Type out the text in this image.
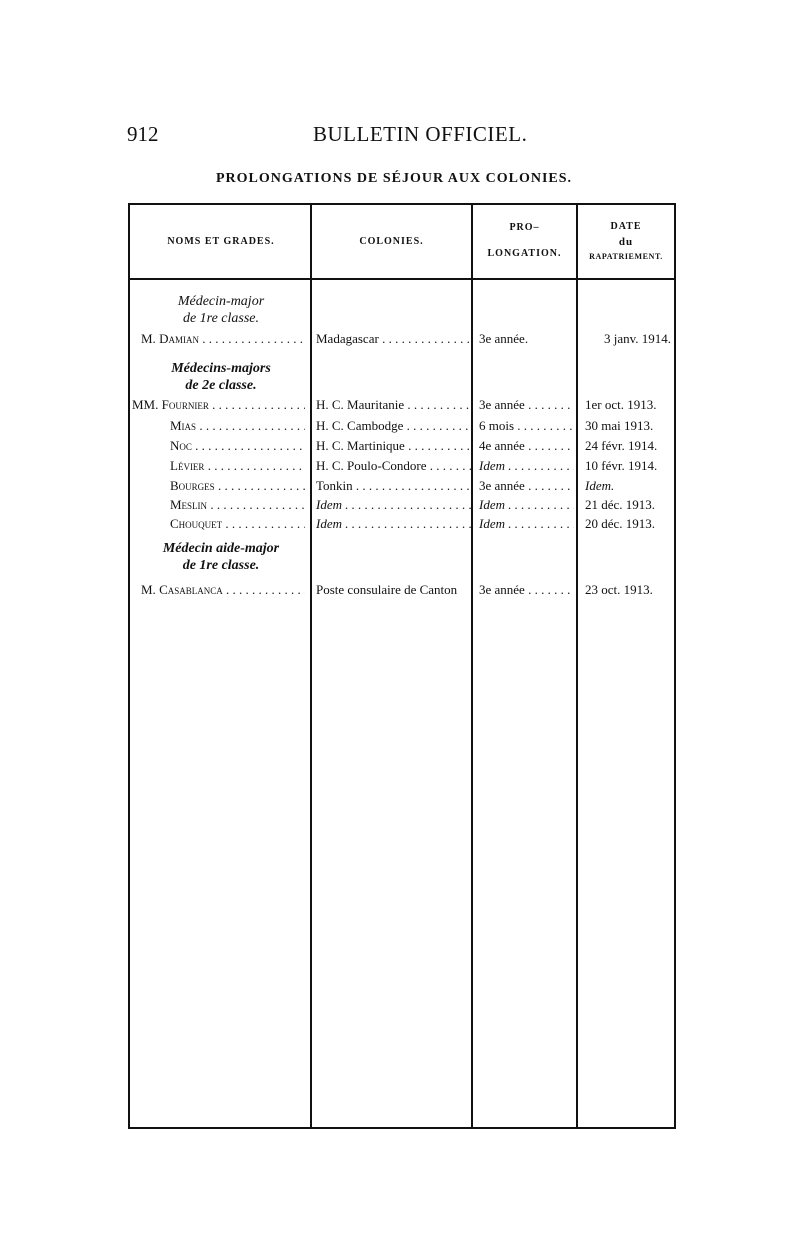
912	BULLETIN OFFICIEL.
PROLONGATIONS DE SÉJOUR AUX COLONIES.
NOMS ET GRADES.	COLONIES.
PRO–
LONGATION.
DATE
du
RAPATRIEMENT.
Médecin-major
de 1re classe.
M. Damian . . .	Madagascar . . .	3e année.	3 janv. 1914.
Médecins-majors
de 2e classe.
MM. Fournier . . .	H. C. Mauritanie . . .	3e année . . .	1er oct. 1913.
Mias . . .	H. C. Cambodge . . .	6 mois . . .	30 mai 1913.
Noc . . .	H. C. Martinique . . .	4e année . . .	24 févr. 1914.
Lévier . . .	H. C. Poulo-Condore . . .	Idem . . .	10 févr. 1914.
Bourges . . .	Tonkin . . .	3e année . . .	Idem.
Meslin . . .	Idem . . .	Idem . . .	21 déc. 1913.
Chouquet . . .	Idem . . .	Idem . . .	20 déc. 1913.
Médecin aide-major
de 1re classe.
M. Casablanca . . .	Poste consulaire de Canton	3e année . . .	23 oct. 1913.
